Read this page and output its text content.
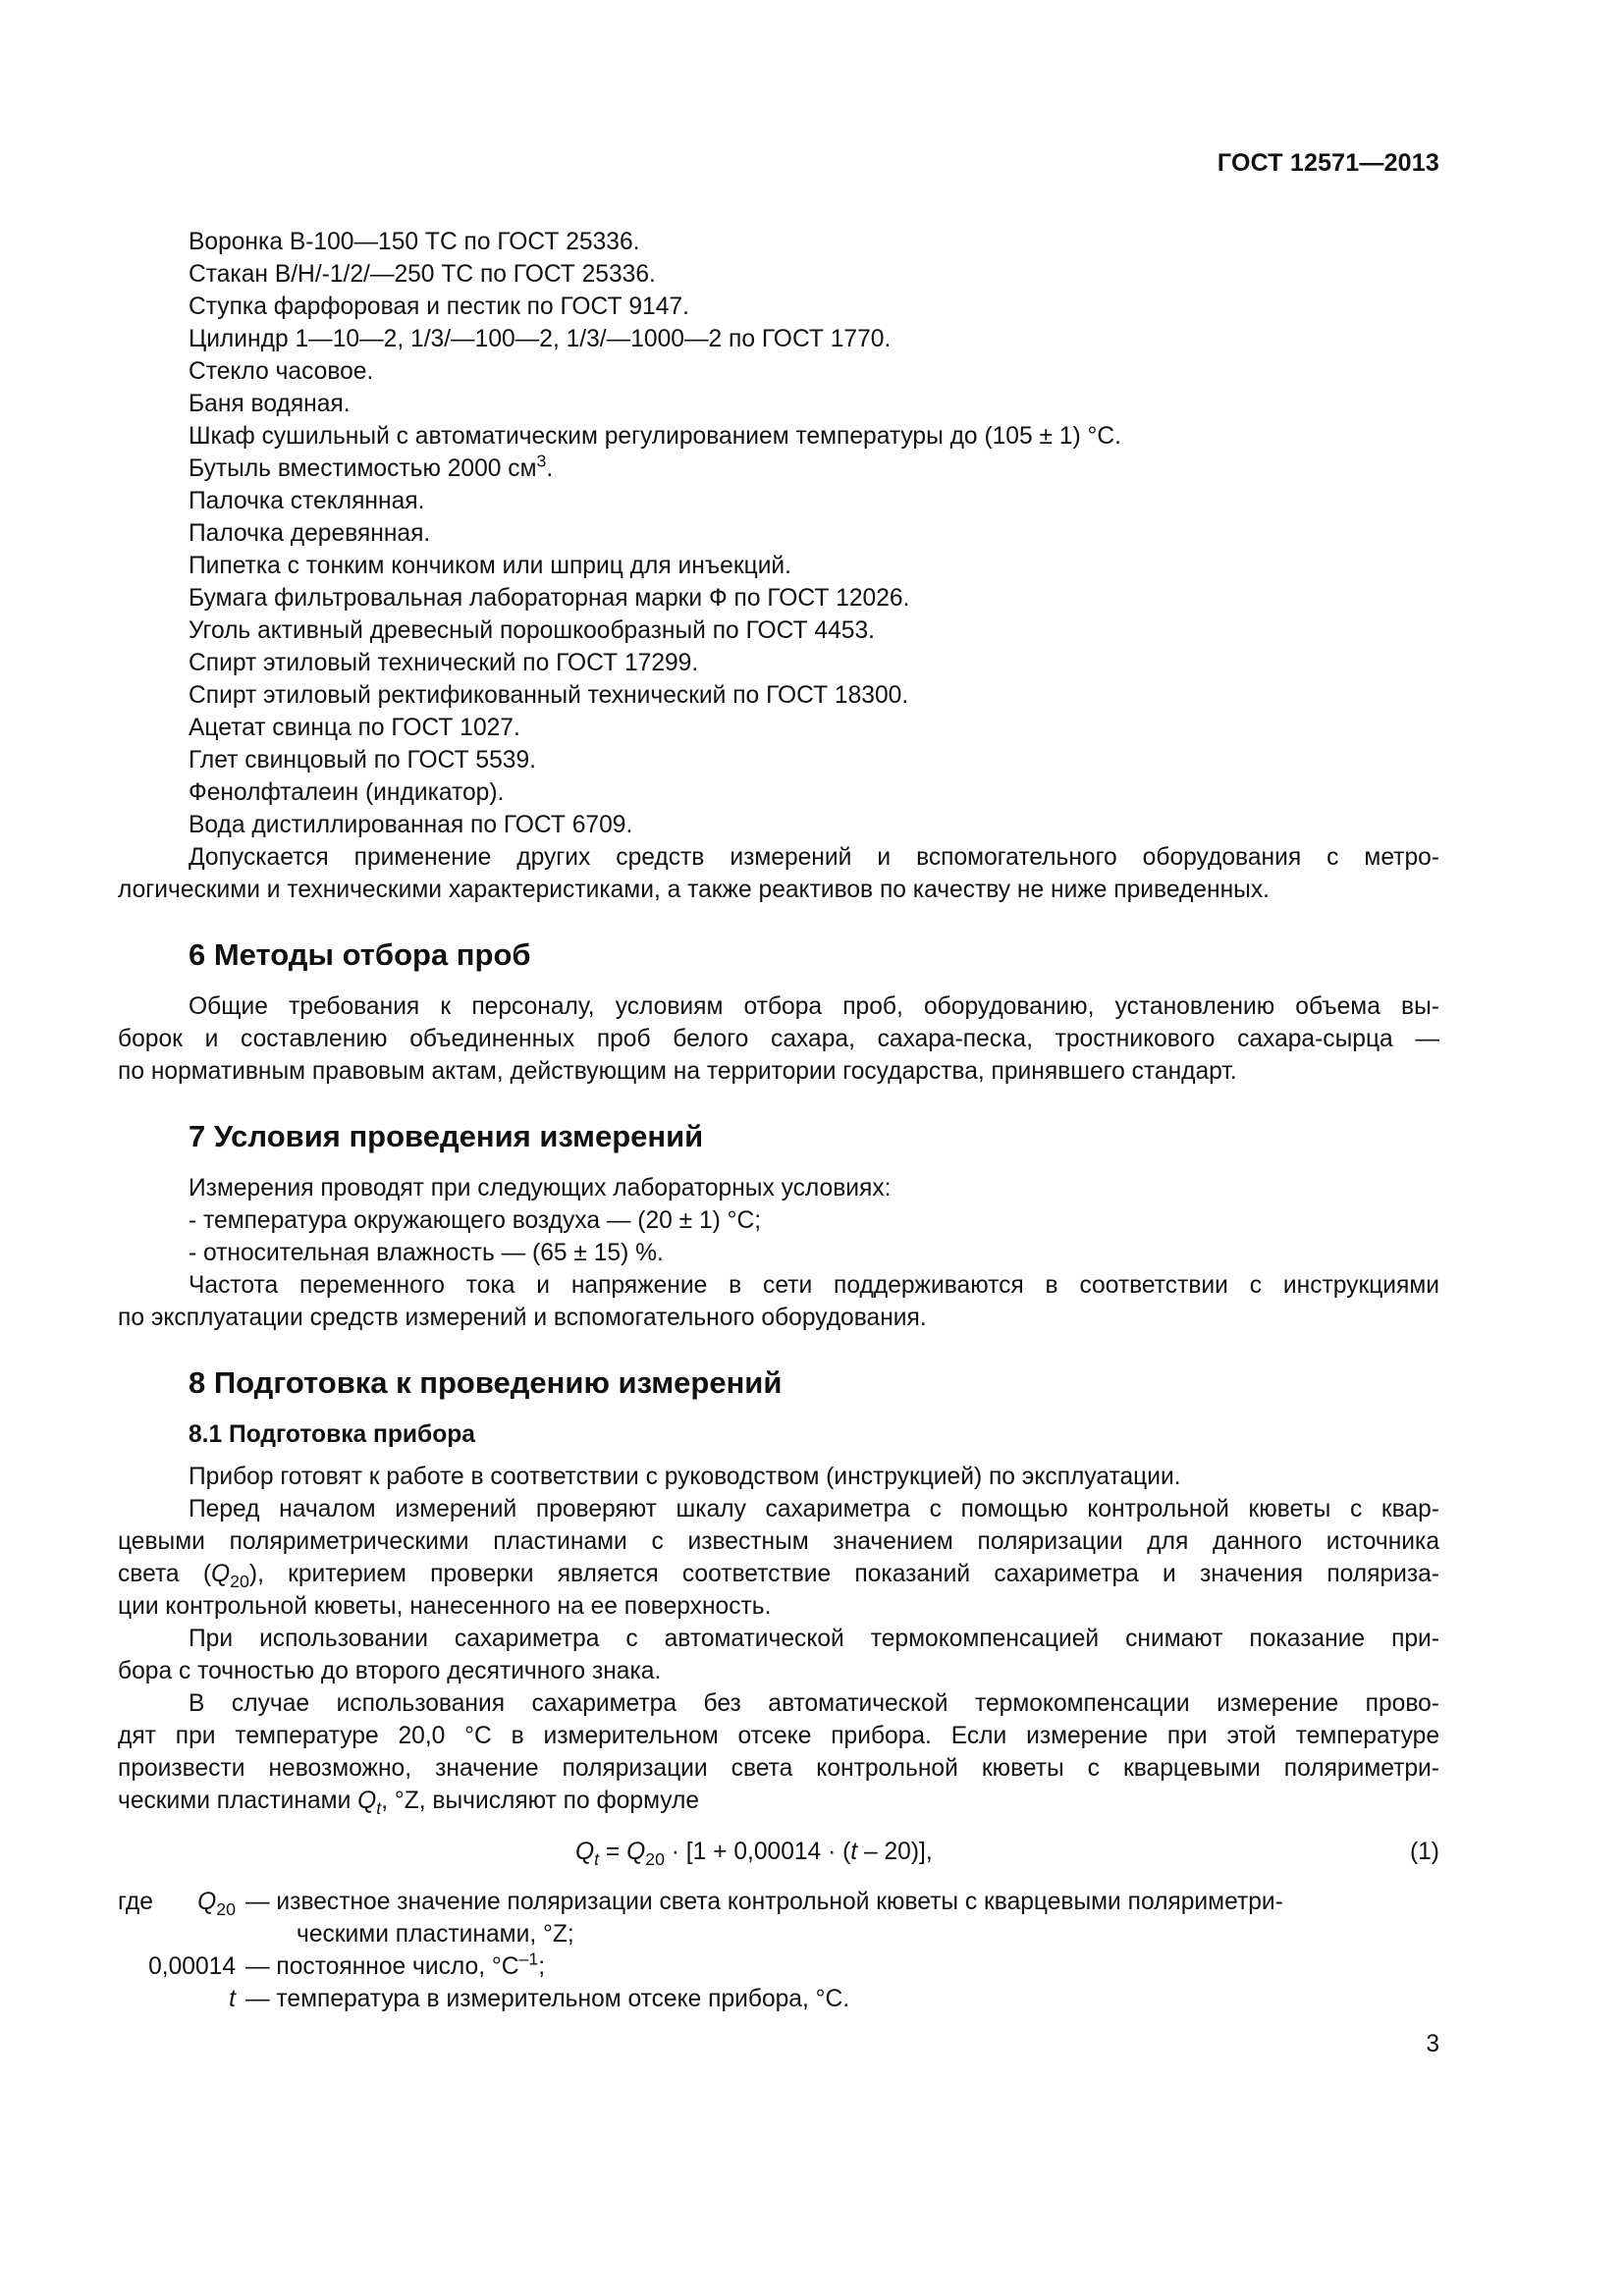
ГОСТ 12571—2013

Воронка В-100—150 ТС по ГОСТ 25336.

Стакан В/Н/-1/2/—250 ТС по ГОСТ 25336.

Ступка фарфоровая и пестик по ГОСТ 9147.

Цилиндр 1—10—2, 1/3/—100—2, 1/3/—1000—2 по ГОСТ 1770.

Стекло часовое.

Баня водяная.

Шкаф сушильный с автоматическим регулированием температуры до (105 ± 1) °С.

Бутыль вместимостью 2000 $см^3$.

Палочка стеклянная.

Палочка деревянная.

Пипетка с тонким кончиком или шприц для инъекций.

Бумага фильтровальная лабораторная марки Ф по ГОСТ 12026.

Уголь активный древесный порошкообразный по ГОСТ 4453.

Спирт этиловый технический по ГОСТ 17299.

Спирт этиловый ректификованный технический по ГОСТ 18300.

Ацетат свинца по ГОСТ 1027.

Глет свинцовый по ГОСТ 5539.

Фенолфталеин (индикатор).

Вода дистиллированная по ГОСТ 6709.

Допускается применение других средств измерений и вспомогательного оборудования с метро-

логическими и техническими характеристиками, а также реактивов по качеству не ниже приведенных.

6 Методы отбора проб

Общие требования к персоналу, условиям отбора проб, оборудованию, установлению объема вы-

борок и составлению объединенных проб белого сахара, сахара-песка, тростникового сахара-сырца —

по нормативным правовым актам, действующим на территории государства, принявшего стандарт.

7 Условия проведения измерений

Измерения проводят при следующих лабораторных условиях:

- температура окружающего воздуха — (20 ± 1) °С;

- относительная влажность — (65 ± 15) %.

Частота переменного тока и напряжение в сети поддерживаются в соответствии с инструкциями

по эксплуатации средств измерений и вспомогательного оборудования.

8 Подготовка к проведению измерений
8.1 Подготовка прибора

Прибор готовят к работе в соответствии с руководством (инструкцией) по эксплуатации.

Перед началом измерений проверяют шкалу сахариметра с помощью контрольной кюветы с квар-

цевыми поляриметрическими пластинами с известным значением поляризации для данного источника

света $(Q_{20})$, критерием проверки является соответствие показаний сахариметра и значения поляриза-

ции контрольной кюветы, нанесенного на ее поверхность.

При использовании сахариметра с автоматической термокомпенсацией снимают показание при-

бора с точностью до второго десятичного знака.

В случае использования сахариметра без автоматической термокомпенсации измерение прово-

дят при температуре 20,0 °С в измерительном отсеке прибора. Если измерение при этой температуре

произвести невозможно, значение поляризации света контрольной кюветы с кварцевыми поляриметри-

ческими пластинами $Q_t$, °Z, вычисляют по формуле

$Q_t = Q_{20} \cdot [1 + 0,00014 \cdot (t - 20)]$,	(1)
где	$Q_{20}$ — известное значение поляризации света контрольной кюветы с кварцевыми поляриметри-
ческими пластинами, °Z;
0,00014 — постоянное число, $^\circ С^{-1}$;
t — температура в измерительном отсеке прибора, °С.
3
